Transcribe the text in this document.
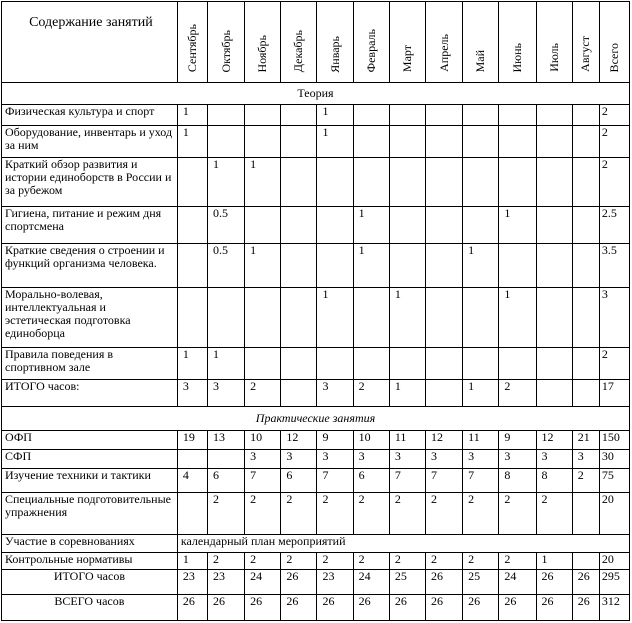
Содержание занятий	Сентябрь	Октябрь	Ноябрь	Декабрь	Январь	Февраль	Март	Апрель	Май	Июнь	Июль	Август	Всего

Теория													
Физическая культура и спорт	1				1								2
Оборудование, инвентарь и уход за ним	1				1								2
Краткий обзор развития и истории единоборств в России и за рубежом		1	1										2
Гигиена, питание и режим дня спортсмена		0.5				1				1			2.5
Краткие сведения о строении и функций организма человека.		0.5	1			1			1				3.5
Морально-волевая, интеллектуальная и эстетическая подготовка единоборца					1		1			1			3
Правила поведения в спортивном зале	1	1											2
ИТОГО часов:	3	3	2		3	2	1		1	2			17
Практические занятия													
ОФП	19	13	10	12	9	10	11	12	11	9	12	21	150
СФП			3	3	3	3	3	3	3	3	3	3	30
Изучение техники и тактики	4	6	7	6	7	6	7	7	7	8	8	2	75
Специальные подготовительные упражнения		2	2	2	2	2	2	2	2	2	2		20
Участие в соревнованиях	календарный план мероприятий												
Контрольные нормативы	1	2	2	2	2	2	2	2	2	2	1		20
ИТОГО часов	23	23	24	26	23	24	25	26	25	24	26	26	295
ВСЕГО часов	26	26	26	26	26	26	26	26	26	26	26	26	312
